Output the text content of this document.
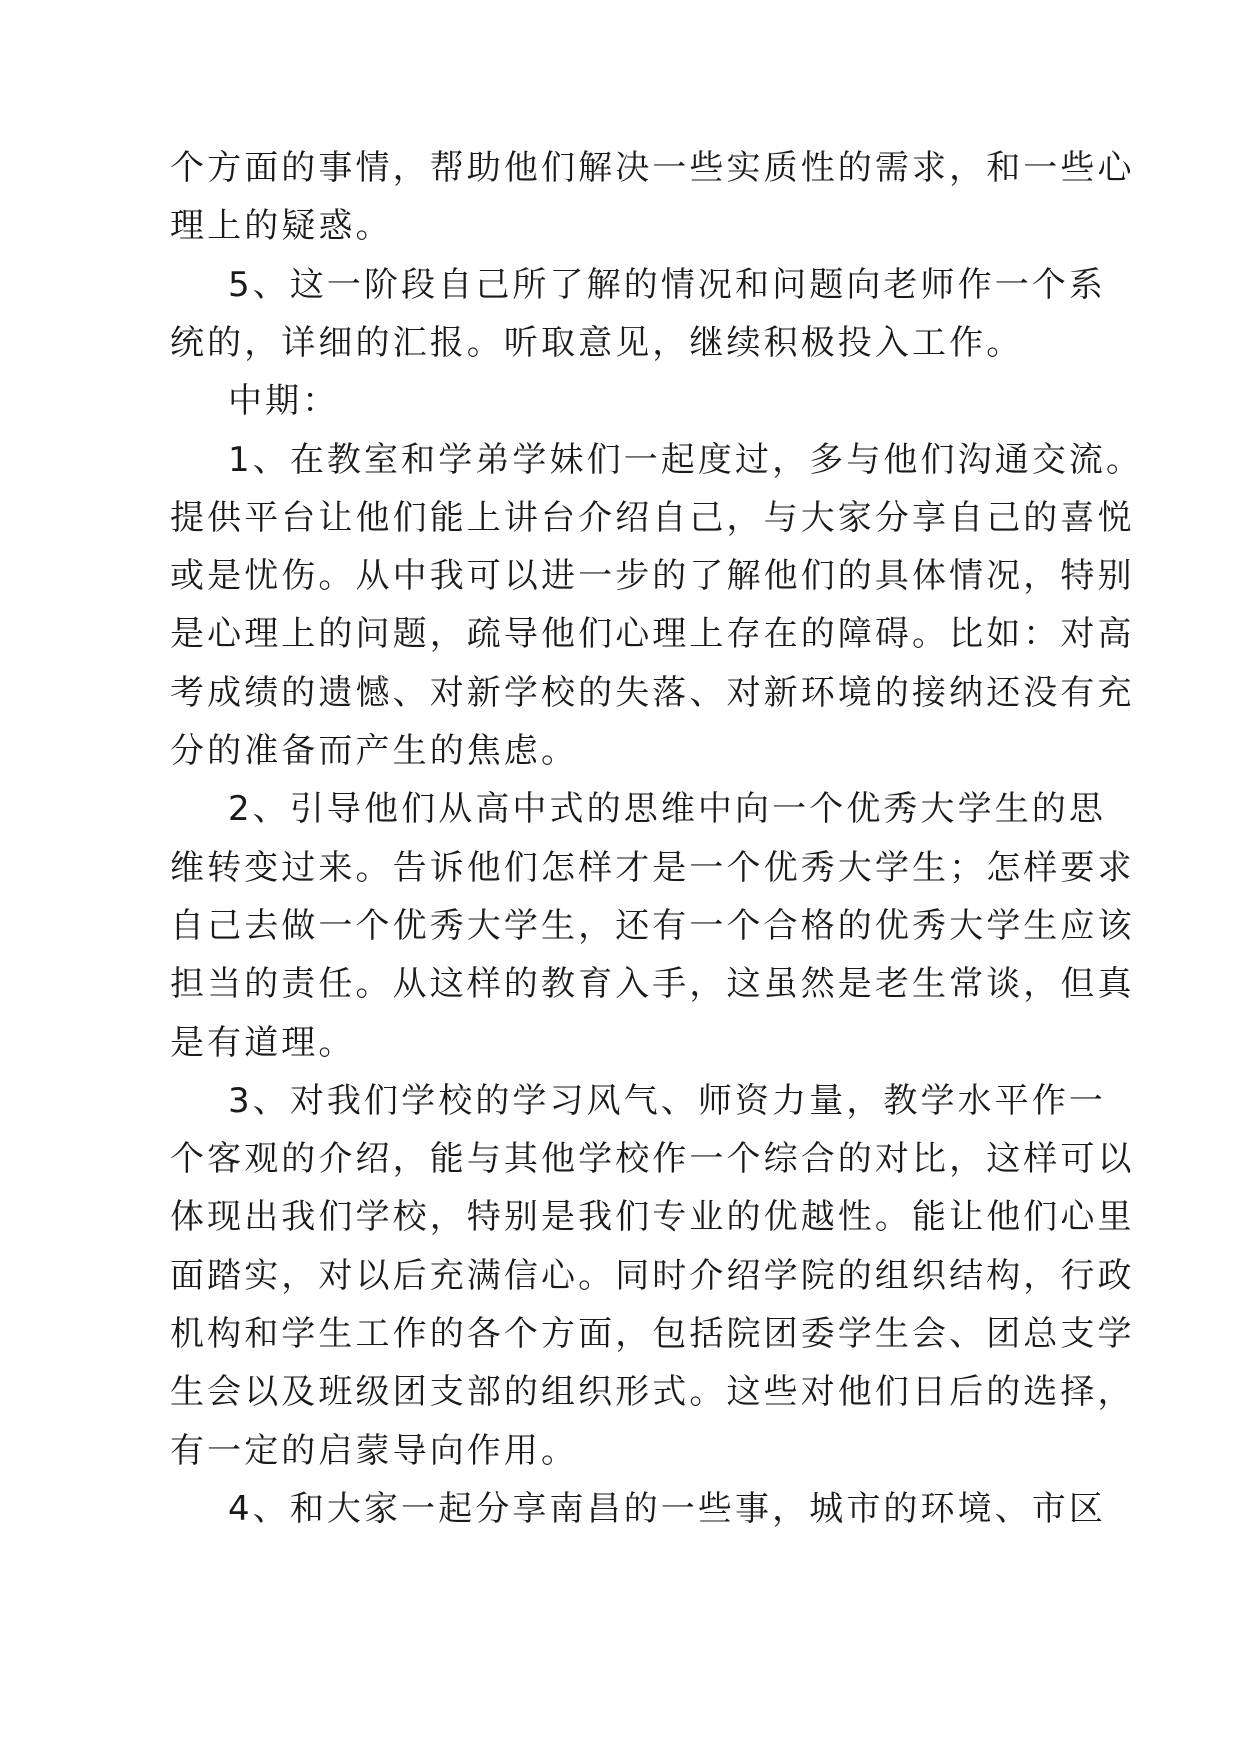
个方面的事情，帮助他们解决一些实质性的需求，和一些心
理上的疑惑。
5、这一阶段自己所了解的情况和问题向老师作一个系
统的，详细的汇报。听取意见，继续积极投入工作。
中期：
1、在教室和学弟学妹们一起度过，多与他们沟通交流。
提供平台让他们能上讲台介绍自己，与大家分享自己的喜悦
或是忧伤。从中我可以进一步的了解他们的具体情况，特别
是心理上的问题，疏导他们心理上存在的障碍。比如：对高
考成绩的遗憾、对新学校的失落、对新环境的接纳还没有充
分的准备而产生的焦虑。
2、引导他们从高中式的思维中向一个优秀大学生的思
维转变过来。告诉他们怎样才是一个优秀大学生；怎样要求
自己去做一个优秀大学生，还有一个合格的优秀大学生应该
担当的责任。从这样的教育入手，这虽然是老生常谈，但真
是有道理。
3、对我们学校的学习风气、师资力量，教学水平作一
个客观的介绍，能与其他学校作一个综合的对比，这样可以
体现出我们学校，特别是我们专业的优越性。能让他们心里
面踏实，对以后充满信心。同时介绍学院的组织结构，行政
机构和学生工作的各个方面，包括院团委学生会、团总支学
生会以及班级团支部的组织形式。这些对他们日后的选择，
有一定的启蒙导向作用。
4、和大家一起分享南昌的一些事，城市的环境、市区
